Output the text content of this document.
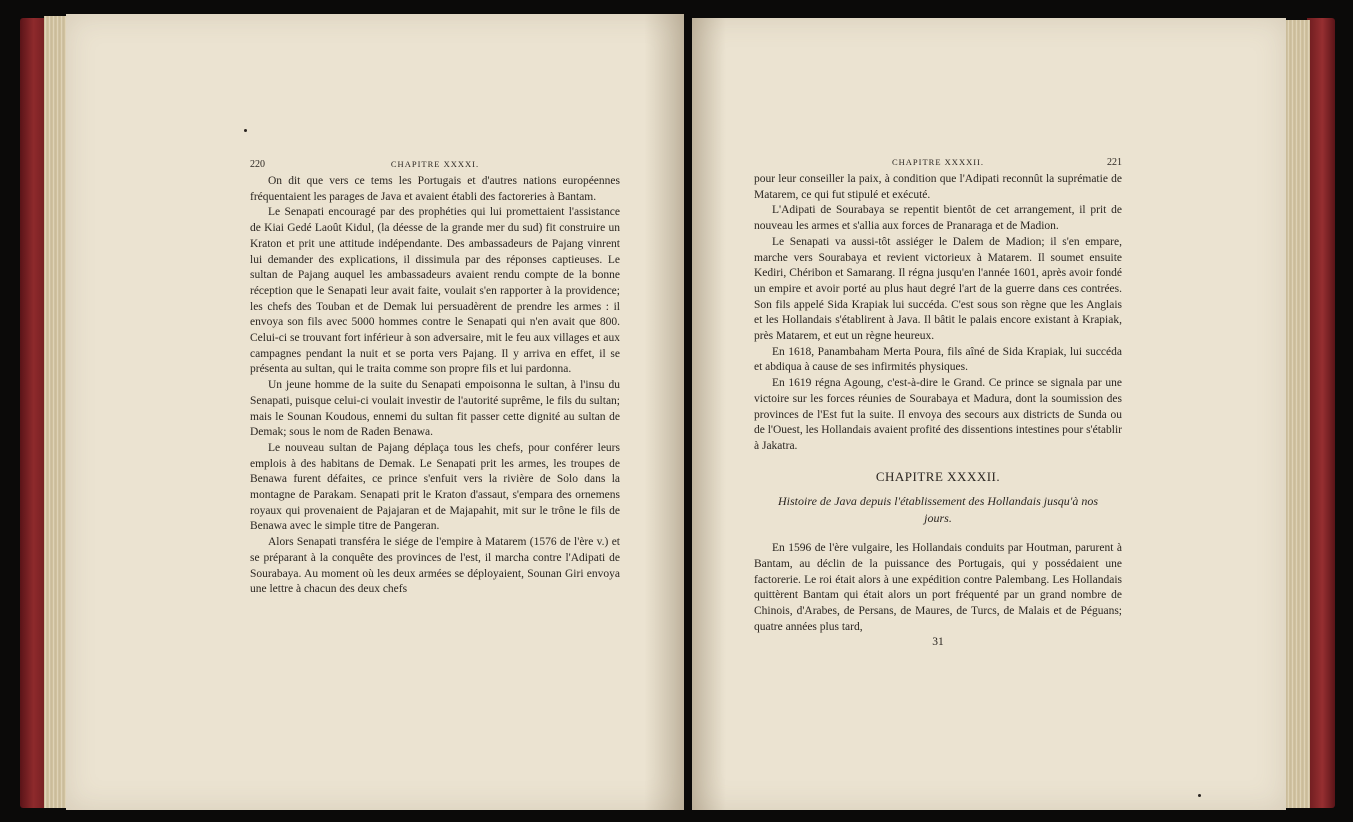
220	CHAPITRE XXXXI.

On dit que vers ce tems les Portugais et d'autres nations européennes fréquentaient les parages de Java et avaient établi des factoreries à Bantam.

Le Senapati encouragé par des prophéties qui lui promettaient l'assistance de Kiai Gedé Laoût Kidul, (la déesse de la grande mer du sud) fit construire un Kraton et prit une attitude indépendante. Des ambassadeurs de Pajang vinrent lui demander des explications, il dissimula par des réponses captieuses. Le sultan de Pajang auquel les ambassadeurs avaient rendu compte de la bonne réception que le Senapati leur avait faite, voulait s'en rapporter à la providence; les chefs des Touban et de Demak lui persuadèrent de prendre les armes : il envoya son fils avec 5000 hommes contre le Senapati qui n'en avait que 800. Celui-ci se trouvant fort inférieur à son adversaire, mit le feu aux villages et aux campagnes pendant la nuit et se porta vers Pajang. Il y arriva en effet, il se présenta au sultan, qui le traita comme son propre fils et lui pardonna.

Un jeune homme de la suite du Senapati empoisonna le sultan, à l'insu du Senapati, puisque celui-ci voulait investir de l'autorité suprême, le fils du sultan; mais le Sounan Koudous, ennemi du sultan fit passer cette dignité au sultan de Demak; sous le nom de Raden Benawa.

Le nouveau sultan de Pajang déplaça tous les chefs, pour conférer leurs emplois à des habitans de Demak. Le Senapati prit les armes, les troupes de Benawa furent défaites, ce prince s'enfuit vers la rivière de Solo dans la montagne de Parakam. Senapati prit le Kraton d'assaut, s'empara des ornemens royaux qui provenaient de Pajajaran et de Majapahit, mit sur le trône le fils de Benawa avec le simple titre de Pangeran.

Alors Senapati transféra le siége de l'empire à Matarem (1576 de l'ère v.) et se préparant à la conquête des provinces de l'est, il marcha contre l'Adipati de Sourabaya. Au moment où les deux armées se déployaient, Sounan Giri envoya une lettre à chacun des deux chefs

CHAPITRE XXXXII.	221

pour leur conseiller la paix, à condition que l'Adipati reconnût la suprématie de Matarem, ce qui fut stipulé et exécuté.

L'Adipati de Sourabaya se repentit bientôt de cet arrangement, il prit de nouveau les armes et s'allia aux forces de Pranaraga et de Madion.

Le Senapati va aussi-tôt assiéger le Dalem de Madion; il s'en empare, marche vers Sourabaya et revient victorieux à Matarem. Il soumet ensuite Kediri, Chéribon et Samarang. Il régna jusqu'en l'année 1601, après avoir fondé un empire et avoir porté au plus haut degré l'art de la guerre dans ces contrées. Son fils appelé Sida Krapiak lui succéda. C'est sous son règne que les Anglais et les Hollandais s'établirent à Java. Il bâtit le palais encore existant à Krapiak, près Matarem, et eut un règne heureux.

En 1618, Panambaham Merta Poura, fils aîné de Sida Krapiak, lui succéda et abdiqua à cause de ses infirmités physiques.

En 1619 régna Agoung, c'est-à-dire le Grand. Ce prince se signala par une victoire sur les forces réunies de Sourabaya et Madura, dont la soumission des provinces de l'Est fut la suite. Il envoya des secours aux districts de Sunda ou de l'Ouest, les Hollandais avaient profité des dissentions intestines pour s'établir à Jakatra.

CHAPITRE XXXXII.
Histoire de Java depuis l'établissement des Hollandais jusqu'à nos jours.

En 1596 de l'ère vulgaire, les Hollandais conduits par Houtman, parurent à Bantam, au déclin de la puissance des Portugais, qui y possédaient une factorerie. Le roi était alors à une expédition contre Palembang. Les Hollandais quittèrent Bantam qui était alors un port fréquenté par un grand nombre de Chinois, d'Arabes, de Persans, de Maures, de Turcs, de Malais et de Péguans; quatre années plus tard,

31
